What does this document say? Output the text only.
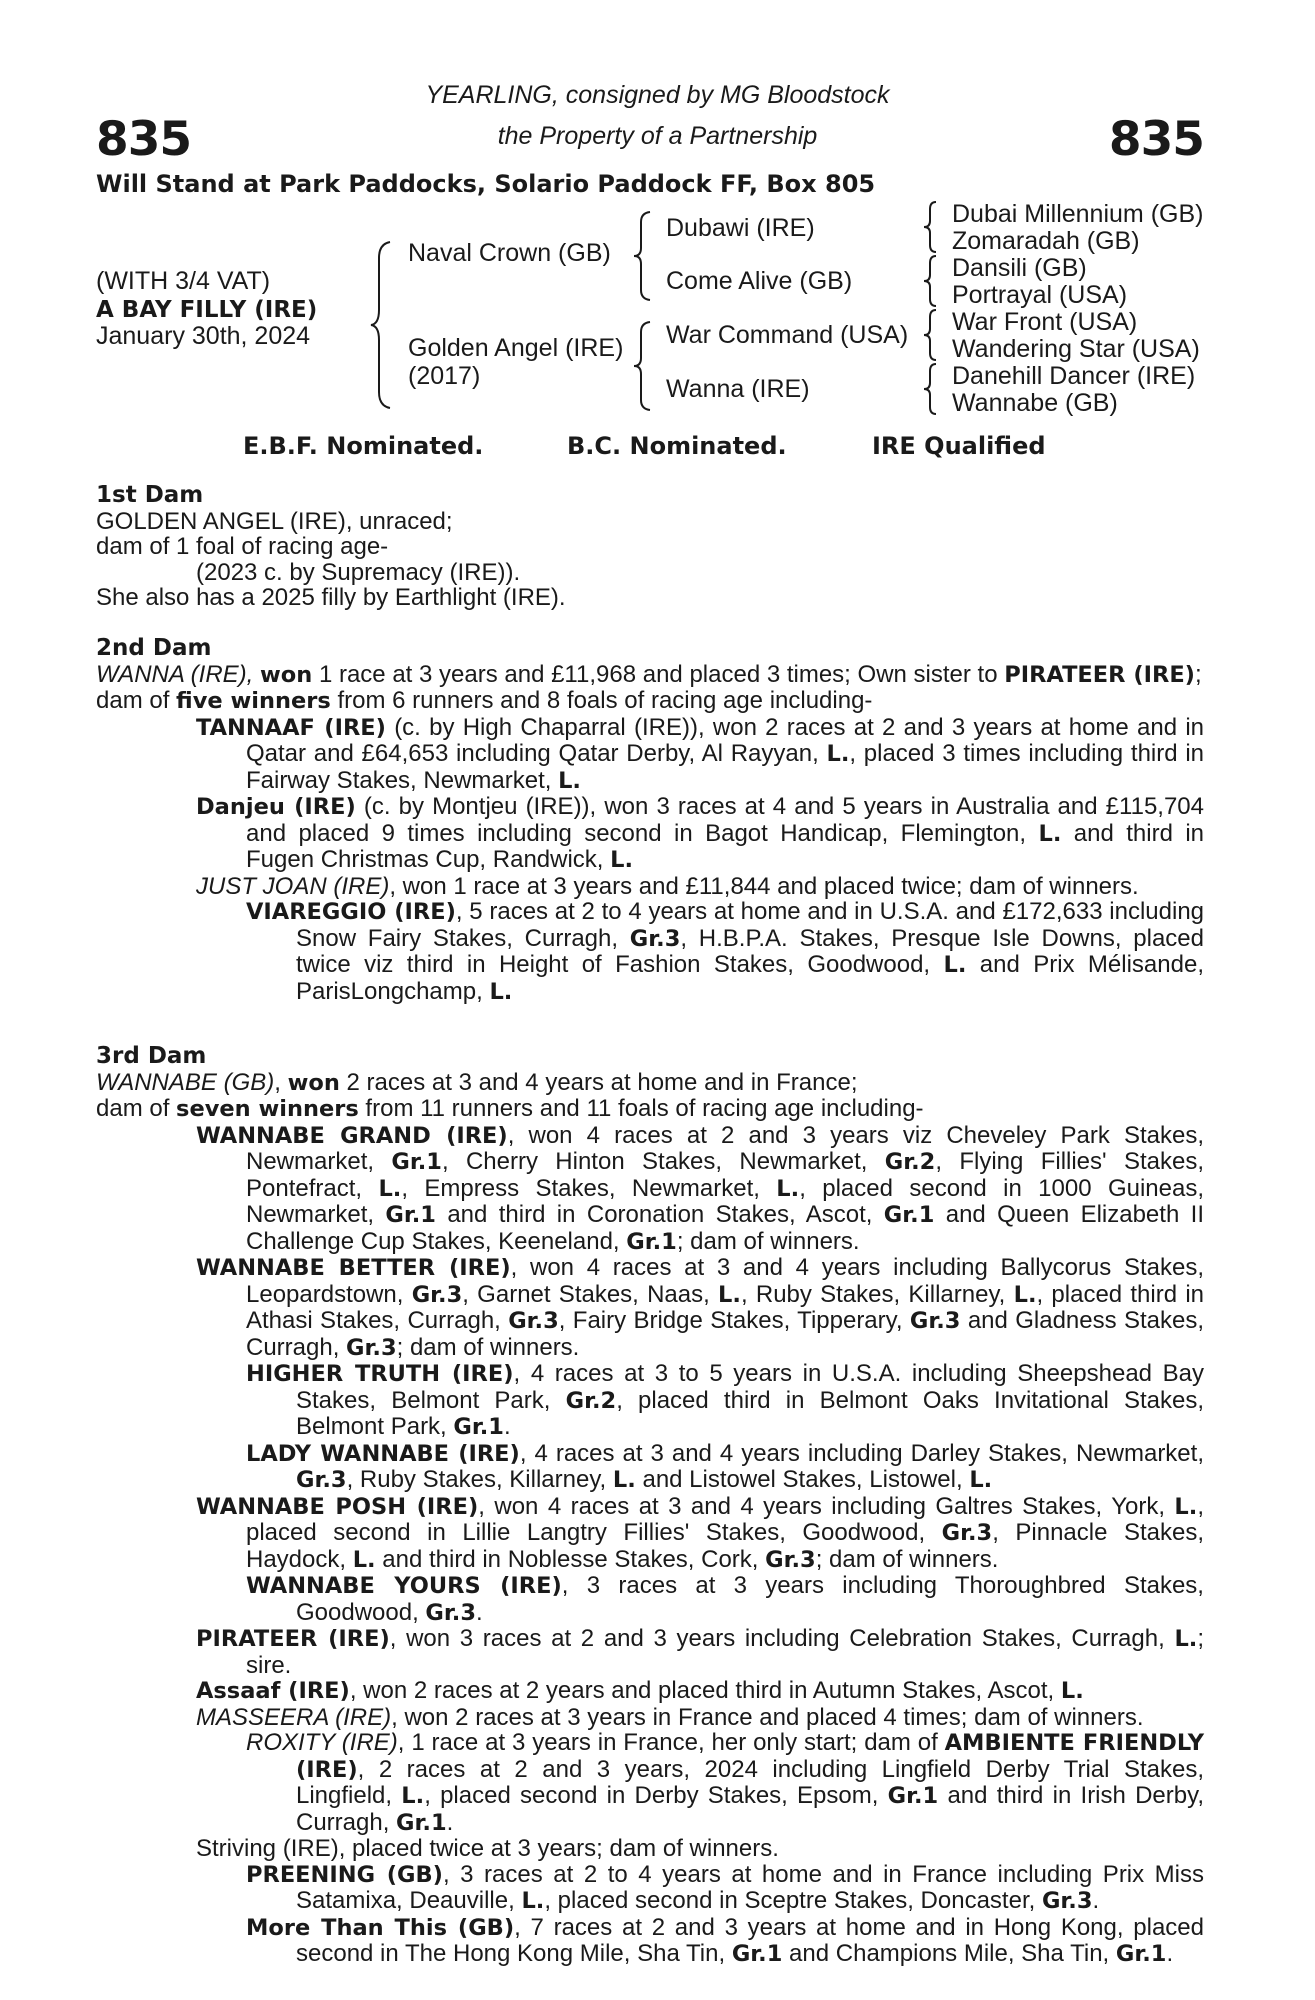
835	835
YEARLING, consigned by MG Bloodstock
the Property of a Partnership
Will Stand at Park Paddocks, Solario Paddock FF, Box 805
(WITH 3/4 VAT)
A BAY FILLY (IRE)
January 30th, 2024
Naval Crown (GB)
Golden Angel (IRE)
(2017)
Dubawi (IRE)
Come Alive (GB)
War Command (USA)
Wanna (IRE)
Dubai Millennium (GB)
Zomaradah (GB)
Dansili (GB)
Portrayal (USA)
War Front (USA)
Wandering Star (USA)
Danehill Dancer (IRE)
Wannabe (GB)
E.B.F. Nominated.	B.C. Nominated.	IRE Qualified
1st Dam

GOLDEN ANGEL (IRE), unraced;

dam of 1 foal of racing age-

(2023 c. by Supremacy (IRE)).

She also has a 2025 filly by Earthlight (IRE).

2nd Dam

WANNA (IRE), won 1 race at 3 years and £11,968 and placed 3 times; Own sister to PIRATEER (IRE);

dam of five winners from 6 runners and 8 foals of racing age including-

TANNAAF (IRE) (c. by High Chaparral (IRE)), won 2 races at 2 and 3 years at home and in Qatar and £64,653 including Qatar Derby, Al Rayyan, L., placed 3 times including third in Fairway Stakes, Newmarket, L.

Danjeu (IRE) (c. by Montjeu (IRE)), won 3 races at 4 and 5 years in Australia and £115,704 and placed 9 times including second in Bagot Handicap, Flemington, L. and third in Fugen Christmas Cup, Randwick, L.

JUST JOAN (IRE), won 1 race at 3 years and £11,844 and placed twice; dam of winners.

VIAREGGIO (IRE), 5 races at 2 to 4 years at home and in U.S.A. and £172,633 including Snow Fairy Stakes, Curragh, Gr.3, H.B.P.A. Stakes, Presque Isle Downs, placed twice viz third in Height of Fashion Stakes, Goodwood, L. and Prix Mélisande, ParisLongchamp, L.

3rd Dam

WANNABE (GB), won 2 races at 3 and 4 years at home and in France;

dam of seven winners from 11 runners and 11 foals of racing age including-

WANNABE GRAND (IRE), won 4 races at 2 and 3 years viz Cheveley Park Stakes, Newmarket, Gr.1, Cherry Hinton Stakes, Newmarket, Gr.2, Flying Fillies' Stakes, Pontefract, L., Empress Stakes, Newmarket, L., placed second in 1000 Guineas, Newmarket, Gr.1 and third in Coronation Stakes, Ascot, Gr.1 and Queen Elizabeth II Challenge Cup Stakes, Keeneland, Gr.1; dam of winners.

WANNABE BETTER (IRE), won 4 races at 3 and 4 years including Ballycorus Stakes, Leopardstown, Gr.3, Garnet Stakes, Naas, L., Ruby Stakes, Killarney, L., placed third in Athasi Stakes, Curragh, Gr.3, Fairy Bridge Stakes, Tipperary, Gr.3 and Gladness Stakes, Curragh, Gr.3; dam of winners.

HIGHER TRUTH (IRE), 4 races at 3 to 5 years in U.S.A. including Sheepshead Bay Stakes, Belmont Park, Gr.2, placed third in Belmont Oaks Invitational Stakes, Belmont Park, Gr.1.

LADY WANNABE (IRE), 4 races at 3 and 4 years including Darley Stakes, Newmarket, Gr.3, Ruby Stakes, Killarney, L. and Listowel Stakes, Listowel, L.

WANNABE POSH (IRE), won 4 races at 3 and 4 years including Galtres Stakes, York, L., placed second in Lillie Langtry Fillies' Stakes, Goodwood, Gr.3, Pinnacle Stakes, Haydock, L. and third in Noblesse Stakes, Cork, Gr.3; dam of winners.

WANNABE YOURS (IRE), 3 races at 3 years including Thoroughbred Stakes, Goodwood, Gr.3.

PIRATEER (IRE), won 3 races at 2 and 3 years including Celebration Stakes, Curragh, L.; sire.

Assaaf (IRE), won 2 races at 2 years and placed third in Autumn Stakes, Ascot, L.

MASSEERA (IRE), won 2 races at 3 years in France and placed 4 times; dam of winners.

ROXITY (IRE), 1 race at 3 years in France, her only start; dam of AMBIENTE FRIENDLY (IRE), 2 races at 2 and 3 years, 2024 including Lingfield Derby Trial Stakes, Lingfield, L., placed second in Derby Stakes, Epsom, Gr.1 and third in Irish Derby, Curragh, Gr.1.

Striving (IRE), placed twice at 3 years; dam of winners.

PREENING (GB), 3 races at 2 to 4 years at home and in France including Prix Miss Satamixa, Deauville, L., placed second in Sceptre Stakes, Doncaster, Gr.3.

More Than This (GB), 7 races at 2 and 3 years at home and in Hong Kong, placed second in The Hong Kong Mile, Sha Tin, Gr.1 and Champions Mile, Sha Tin, Gr.1.
